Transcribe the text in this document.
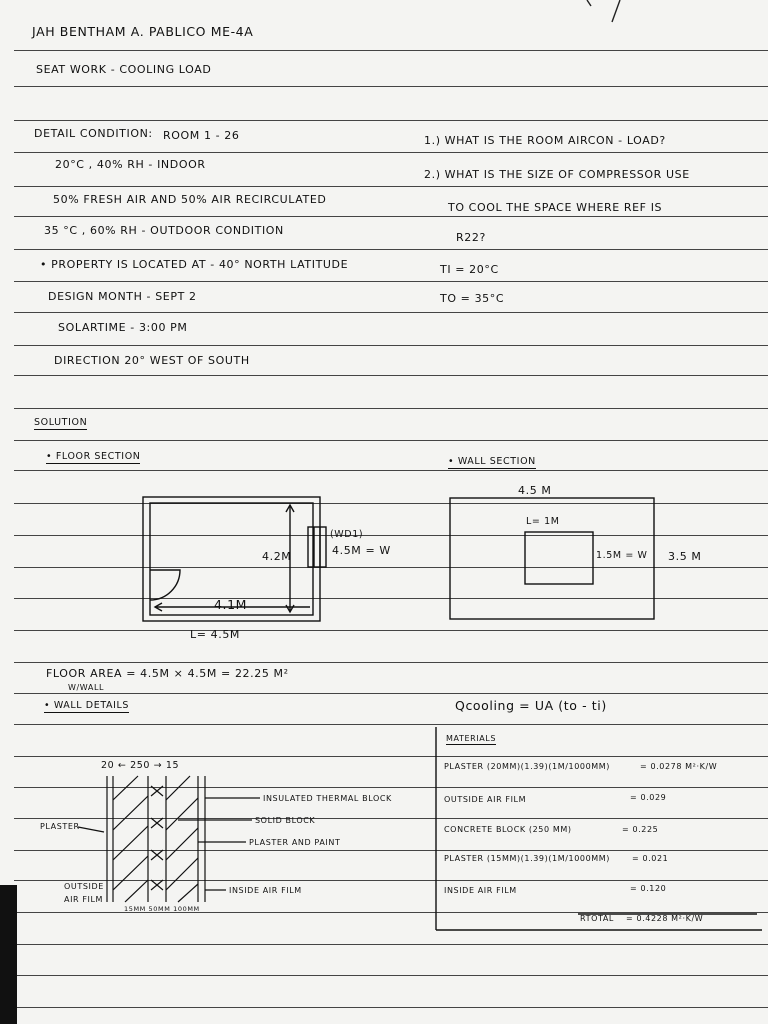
JAH BENTHAM A. PABLICO ME-4A
SEAT WORK - COOLING LOAD
DETAIL CONDITION: ROOM 1 - 26
20°C , 40% RH - INDOOR
50% FRESH AIR AND 50% AIR RECIRCULATED
35 °C , 60% RH - OUTDOOR CONDITION
• PROPERTY IS LOCATED AT - 40° NORTH LATITUDE
DESIGN MONTH - SEPT 2
SOLARTIME - 3:00 PM
DIRECTION 20° WEST OF SOUTH
1.) WHAT IS THE ROOM AIRCON - LOAD?
2.) WHAT IS THE SIZE OF COMPRESSOR USE
TO COOL THE SPACE WHERE REF IS
R22?
TI = 20°C
TO = 35°C
SOLUTION
• FLOOR SECTION	• WALL SECTION
4.2M	4.5M = W
(WD1)
4.1M
L= 4.5M
4.5 M
L= 1M
1.5M = W 3.5 M
FLOOR AREA = 4.5M × 4.5M = 22.25 M²
W/WALL
• WALL DETAILS
20 ← 250 → 15
PLASTER
OUTSIDE AIR FILM
INSULATED THERMAL BLOCK
SOLID BLOCK
PLASTER AND PAINT
INSIDE AIR FILM
15MM 50MM 100MM
Qcooling = UA (to - ti)
MATERIALS
PLASTER (20MM)(1.39)(1M/1000MM)	= 0.0278 M²·K/W
OUTSIDE AIR FILM	= 0.029
CONCRETE BLOCK (250 MM)	= 0.225
PLASTER (15MM)(1.39)(1M/1000MM)	= 0.021
INSIDE AIR FILM	= 0.120
RTOTAL = 0.4228 M²·K/W
